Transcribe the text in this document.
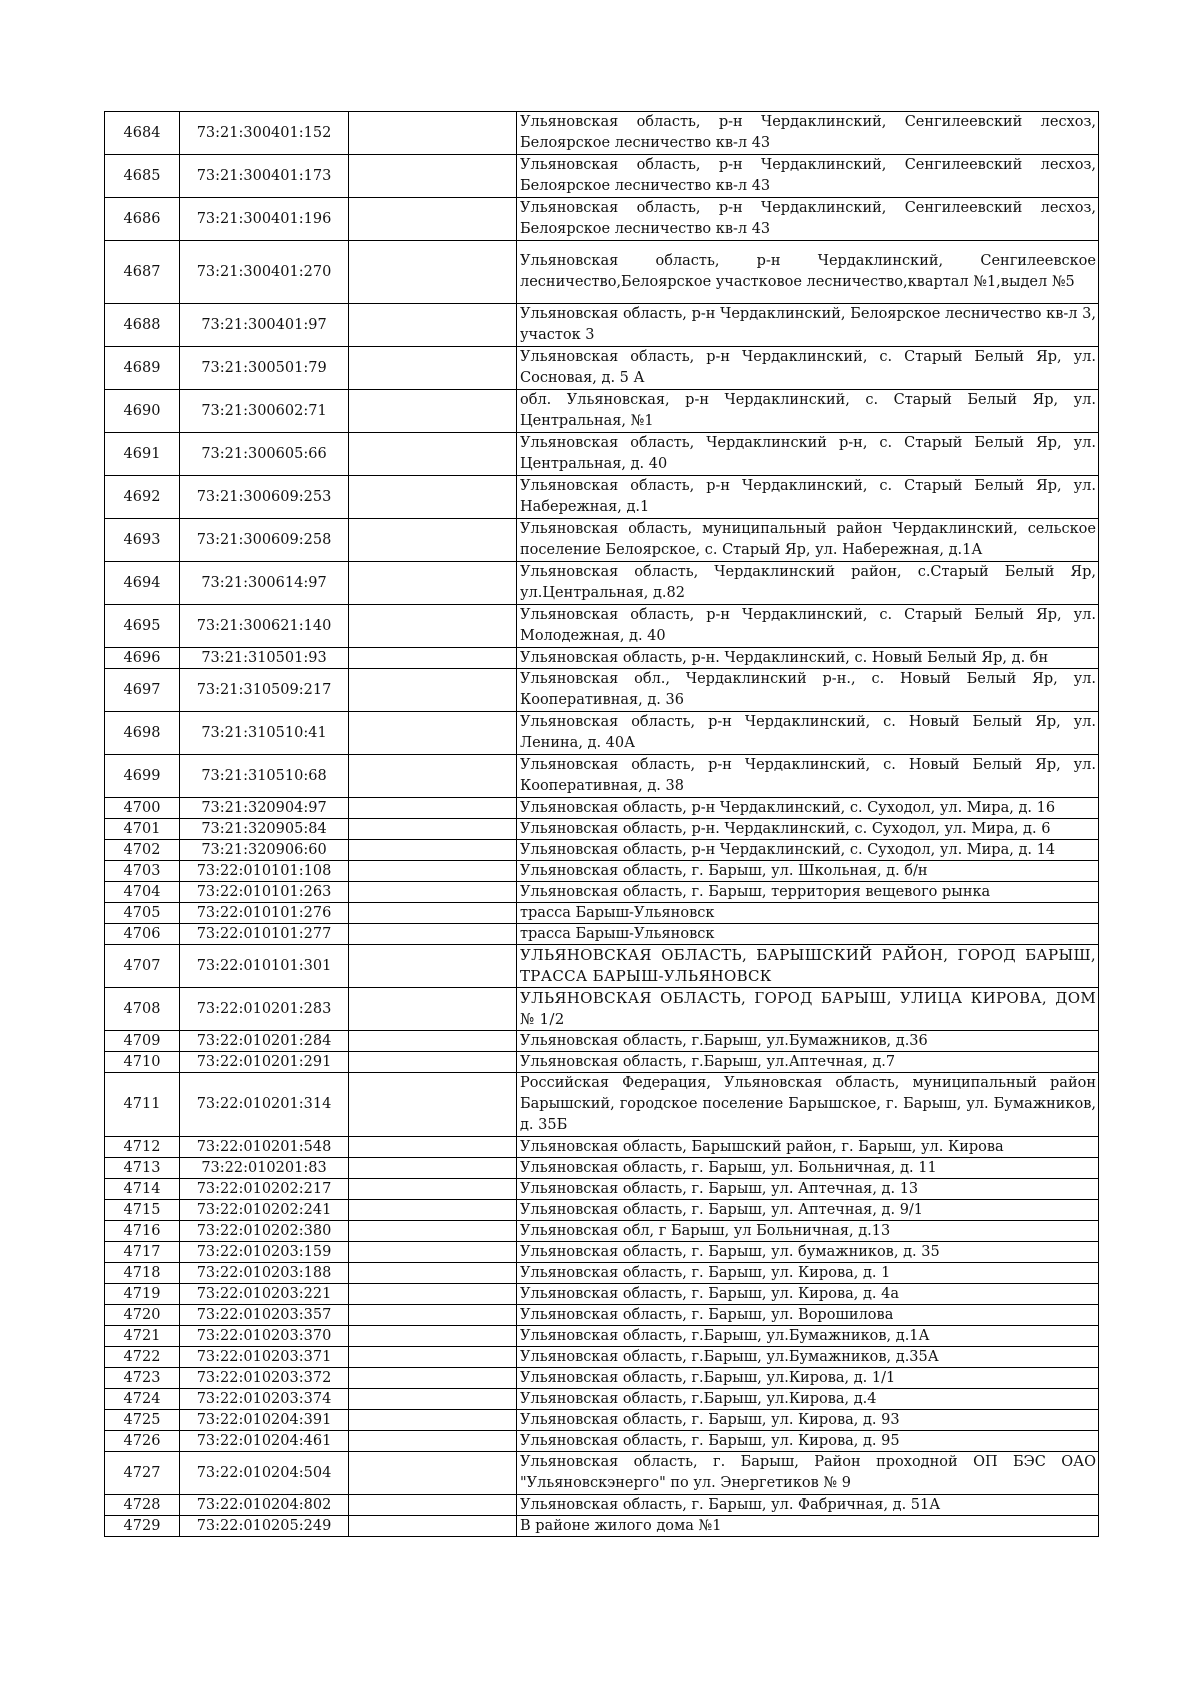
4684	73:21:300401:152		Ульяновская область, р-н Чердаклинский, Сенгилеевский лесхоз, Белоярское лесничество кв-л 43
4685	73:21:300401:173		Ульяновская область, р-н Чердаклинский, Сенгилеевский лесхоз, Белоярское лесничество кв-л 43
4686	73:21:300401:196		Ульяновская область, р-н Чердаклинский, Сенгилеевский лесхоз, Белоярское лесничество кв-л 43
4687	73:21:300401:270		Ульяновская область, р-н Чердаклинский, Сенгилеевское лесничество,Белоярское участковое лесничество,квартал №1,выдел №5
4688	73:21:300401:97		Ульяновская область, р-н Чердаклинский, Белоярское лесничество кв-л 3, участок 3
4689	73:21:300501:79		Ульяновская область, р-н Чердаклинский, с. Старый Белый Яр, ул. Сосновая, д. 5 А
4690	73:21:300602:71		обл. Ульяновская, р-н Чердаклинский, с. Старый Белый Яр, ул. Центральная, №1
4691	73:21:300605:66		Ульяновская область, Чердаклинский р-н, с. Старый Белый Яр, ул. Центральная, д. 40
4692	73:21:300609:253		Ульяновская область, р-н Чердаклинский, с. Старый Белый Яр, ул. Набережная, д.1
4693	73:21:300609:258		Ульяновская область, муниципальный район Чердаклинский, сельское поселение Белоярское, с. Старый Яр, ул. Набережная, д.1А
4694	73:21:300614:97		Ульяновская область, Чердаклинский район, с.Старый Белый Яр, ул.Центральная, д.82
4695	73:21:300621:140		Ульяновская область, р-н Чердаклинский, с. Старый Белый Яр, ул. Молодежная, д. 40
4696	73:21:310501:93		Ульяновская область, р-н. Чердаклинский, с. Новый Белый Яр, д. бн
4697	73:21:310509:217		Ульяновская обл., Чердаклинский р-н., с. Новый Белый Яр, ул. Кооперативная, д. 36
4698	73:21:310510:41		Ульяновская область, р-н Чердаклинский, с. Новый Белый Яр, ул. Ленина, д. 40А
4699	73:21:310510:68		Ульяновская область, р-н Чердаклинский, с. Новый Белый Яр, ул. Кооперативная, д. 38
4700	73:21:320904:97		Ульяновская область, р-н Чердаклинский, с. Суходол, ул. Мира, д. 16
4701	73:21:320905:84		Ульяновская область, р-н. Чердаклинский, с. Суходол, ул. Мира, д. 6
4702	73:21:320906:60		Ульяновская область, р-н Чердаклинский, с. Суходол, ул. Мира, д. 14
4703	73:22:010101:108		Ульяновская область, г. Барыш, ул. Школьная, д. б/н
4704	73:22:010101:263		Ульяновская область, г. Барыш, территория вещевого рынка
4705	73:22:010101:276		трасса Барыш-Ульяновск
4706	73:22:010101:277		трасса Барыш-Ульяновск
4707	73:22:010101:301		УЛЬЯНОВСКАЯ ОБЛАСТЬ, БАРЫШСКИЙ РАЙОН, ГОРОД БАРЫШ, ТРАССА БАРЫШ-УЛЬЯНОВСК
4708	73:22:010201:283		УЛЬЯНОВСКАЯ ОБЛАСТЬ, ГОРОД БАРЫШ, УЛИЦА КИРОВА, ДОМ № 1/2
4709	73:22:010201:284		Ульяновская область, г.Барыш, ул.Бумажников, д.36
4710	73:22:010201:291		Ульяновская область, г.Барыш, ул.Аптечная, д.7
4711	73:22:010201:314		Российская Федерация, Ульяновская область, муниципальный район Барышский, городское поселение Барышское, г. Барыш, ул. Бумажников, д. 35Б
4712	73:22:010201:548		Ульяновская область, Барышский район, г. Барыш, ул. Кирова
4713	73:22:010201:83		Ульяновская область, г. Барыш, ул. Больничная, д. 11
4714	73:22:010202:217		Ульяновская область, г. Барыш, ул. Аптечная, д. 13
4715	73:22:010202:241		Ульяновская область, г. Барыш, ул. Аптечная, д. 9/1
4716	73:22:010202:380		Ульяновская обл, г Барыш, ул Больничная, д.13
4717	73:22:010203:159		Ульяновская область, г. Барыш, ул. бумажников, д. 35
4718	73:22:010203:188		Ульяновская область, г. Барыш, ул. Кирова, д. 1
4719	73:22:010203:221		Ульяновская область, г. Барыш, ул. Кирова, д. 4а
4720	73:22:010203:357		Ульяновская область, г. Барыш, ул. Ворошилова
4721	73:22:010203:370		Ульяновская область, г.Барыш, ул.Бумажников, д.1А
4722	73:22:010203:371		Ульяновская область, г.Барыш, ул.Бумажников, д.35А
4723	73:22:010203:372		Ульяновская область, г.Барыш, ул.Кирова, д. 1/1
4724	73:22:010203:374		Ульяновская область, г.Барыш, ул.Кирова, д.4
4725	73:22:010204:391		Ульяновская область, г. Барыш, ул. Кирова, д. 93
4726	73:22:010204:461		Ульяновская область, г. Барыш, ул. Кирова, д. 95
4727	73:22:010204:504		Ульяновская область, г. Барыш, Район проходной ОП БЭС ОАО "Ульяновскэнерго" по ул. Энергетиков № 9
4728	73:22:010204:802		Ульяновская область, г. Барыш, ул. Фабричная, д. 51А
4729	73:22:010205:249		В районе жилого дома №1
